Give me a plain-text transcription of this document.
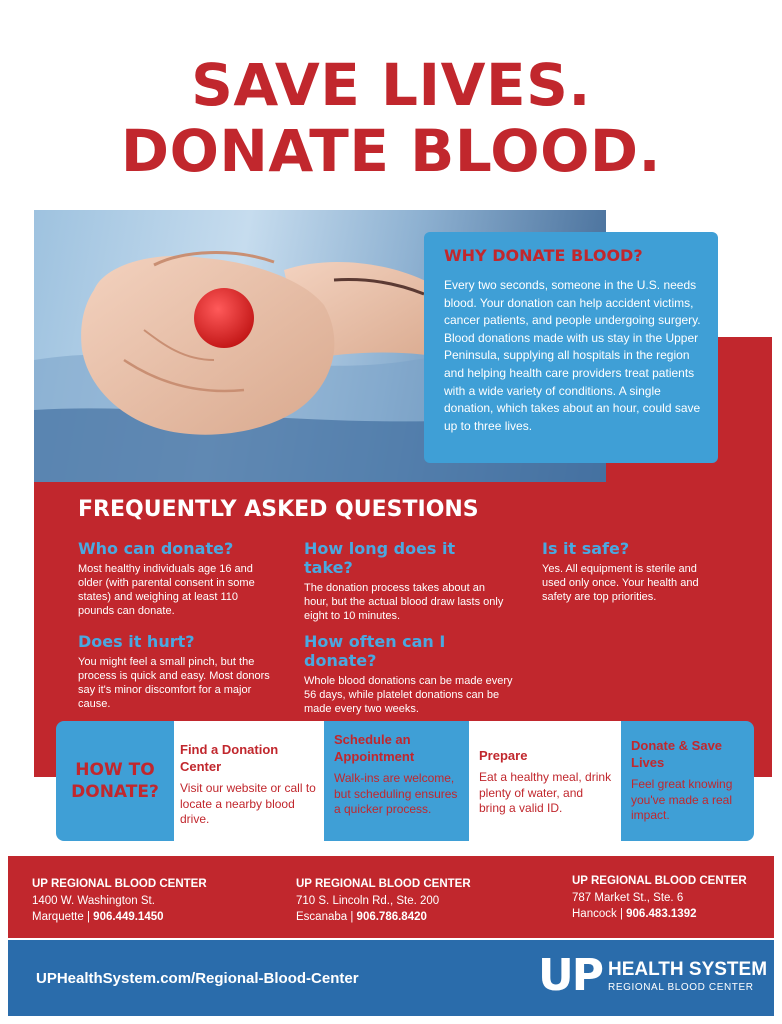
SAVE LIVES.
DONATE BLOOD.
WHY DONATE BLOOD?
Every two seconds, someone in the U.S. needs blood. Your donation can help accident victims, cancer patients, and people undergoing surgery. Blood donations made with us stay in the Upper Peninsula, supplying all hospitals in the region and helping health care providers treat patients with a wide variety of conditions. A single donation, which takes about an hour, could save up to three lives.
FREQUENTLY ASKED QUESTIONS
Who can donate?
Most healthy individuals age 16 and older (with parental consent in some states) and weighing at least 110 pounds can donate.
How long does it take?
The donation process takes about an hour, but the actual blood draw lasts only eight to 10 minutes.
Is it safe?
Yes. All equipment is sterile and used only once. Your health and safety are top priorities.
Does it hurt?
You might feel a small pinch, but the process is quick and easy. Most donors say it's minor discomfort for a major cause.
How often can I donate?
Whole blood donations can be made every 56 days, while platelet donations can be made every two weeks.
HOW TO
DONATE?
Find a Donation Center
Visit our website or call to locate a nearby blood drive.
Schedule an Appointment
Walk-ins are welcome, but scheduling ensures a quicker process.
Prepare
Eat a healthy meal, drink plenty of water, and bring a valid ID.
Donate & Save Lives
Feel great knowing you've made a real impact.
UP REGIONAL BLOOD CENTER
1400 W. Washington St.
Marquette | 906.449.1450
UP REGIONAL BLOOD CENTER
710 S. Lincoln Rd., Ste. 200
Escanaba | 906.786.8420
UP REGIONAL BLOOD CENTER
787 Market St., Ste. 6
Hancock | 906.483.1392
UPHealthSystem.com/Regional-Blood-Center	UP HEALTH SYSTEM
REGIONAL BLOOD CENTER
